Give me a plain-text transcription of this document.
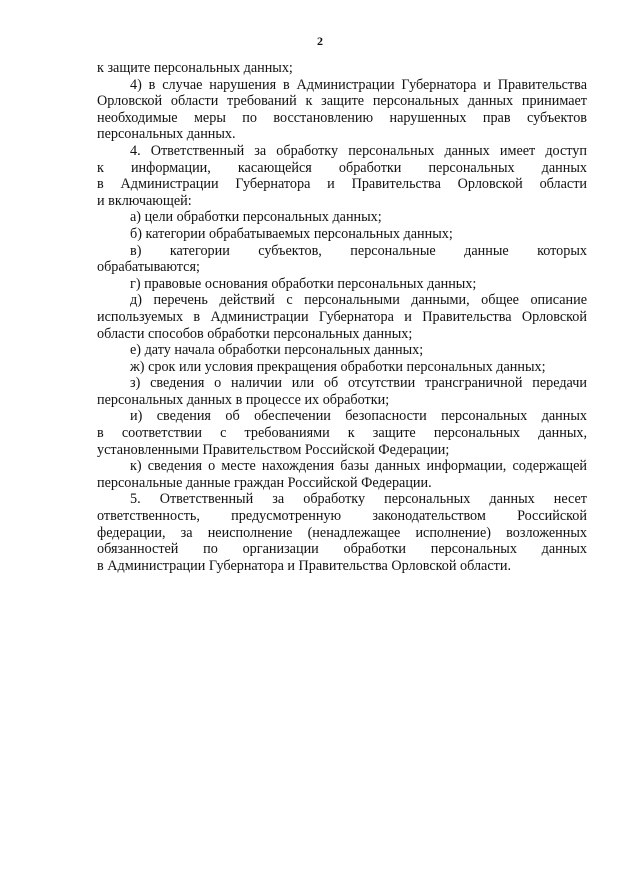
2

к защите персональных данных;

4) в случае нарушения в Администрации Губернатора и Правительства
Орловской области требований к защите персональных данных принимает
необходимые меры по восстановлению нарушенных прав субъектов
персональных данных.

4. Ответственный за обработку персональных данных имеет доступ
к информации, касающейся обработки персональных данных
в Администрации Губернатора и Правительства Орловской области
и включающей:

а) цели обработки персональных данных;

б) категории обрабатываемых персональных данных;

в) категории субъектов, персональные данные которых
обрабатываются;

г) правовые основания обработки персональных данных;

д) перечень действий с персональными данными, общее описание
используемых в Администрации Губернатора и Правительства Орловской
области способов обработки персональных данных;

е) дату начала обработки персональных данных;

ж) срок или условия прекращения обработки персональных данных;

з) сведения о наличии или об отсутствии трансграничной передачи
персональных данных в процессе их обработки;

и) сведения об обеспечении безопасности персональных данных
в соответствии с требованиями к защите персональных данных,
установленными Правительством Российской Федерации;

к) сведения о месте нахождения базы данных информации, содержащей
персональные данные граждан Российской Федерации.

5. Ответственный за обработку персональных данных несет
ответственность, предусмотренную законодательством Российской
федерации, за неисполнение (ненадлежащее исполнение) возложенных
обязанностей по организации обработки персональных данных
в Администрации Губернатора и Правительства Орловской области.
